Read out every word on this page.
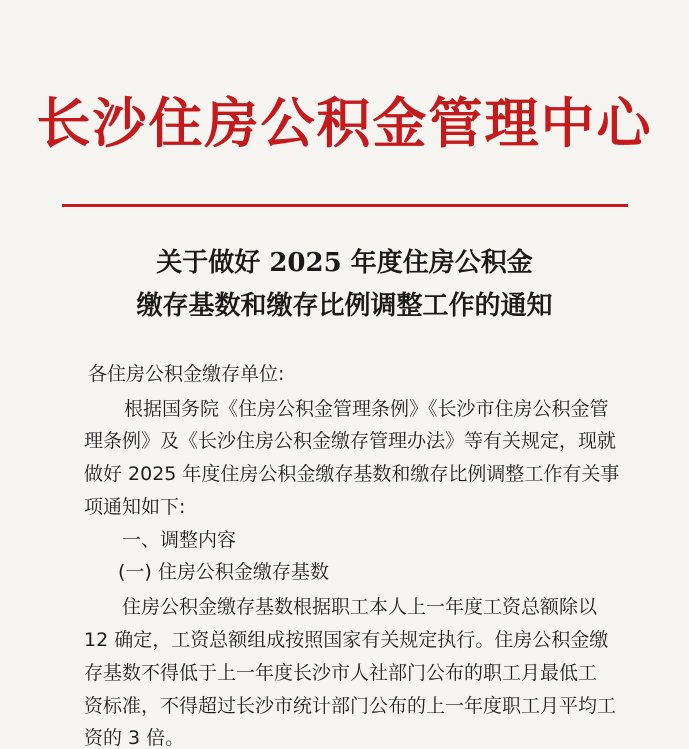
长沙住房公积金管理中心
关于做好 2025 年度住房公积金
缴存基数和缴存比例调整工作的通知
各住房公积金缴存单位:
根据国务院《住房公积金管理条例》《长沙市住房公积金管
理条例》及《长沙住房公积金缴存管理办法》等有关规定，现就
做好 2025 年度住房公积金缴存基数和缴存比例调整工作有关事
项通知如下:
一、调整内容
(一) 住房公积金缴存基数
住房公积金缴存基数根据职工本人上一年度工资总额除以
12 确定，工资总额组成按照国家有关规定执行。住房公积金缴
存基数不得低于上一年度长沙市人社部门公布的职工月最低工
资标准，不得超过长沙市统计部门公布的上一年度职工月平均工
资的 3 倍。
